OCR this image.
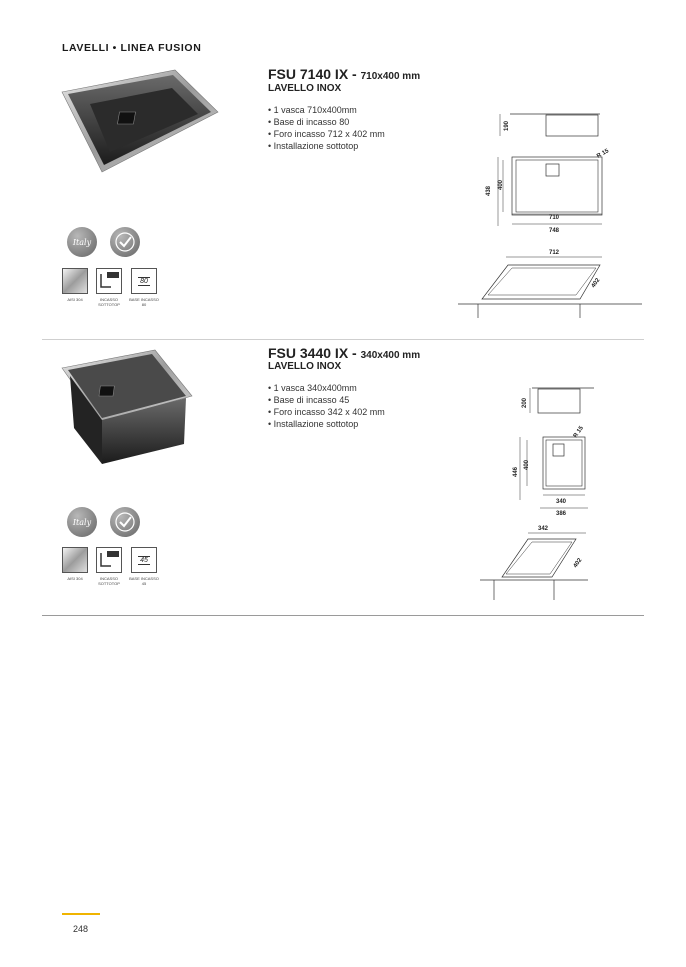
LAVELLI • LINEA FUSION
FSU 7140 IX - 710x400 mm
LAVELLO INOX
• 1 vasca 710x400mm
• Base di incasso 80
• Foro incasso 712 x 402 mm
• Installazione sottotop
Italy
80
AISI 304	INCASSO SOTTOTOP
BASE INCASSO 80
190
438
400
R 15
710
748
712
402
FSU 3440 IX - 340x400 mm
LAVELLO INOX
• 1 vasca 340x400mm
• Base di incasso 45
• Foro incasso 342 x 402 mm
• Installazione sottotop
Italy
45
AISI 304	INCASSO SOTTOTOP
BASE INCASSO 45
200
446
400
R 15
340
386
342
402
248
